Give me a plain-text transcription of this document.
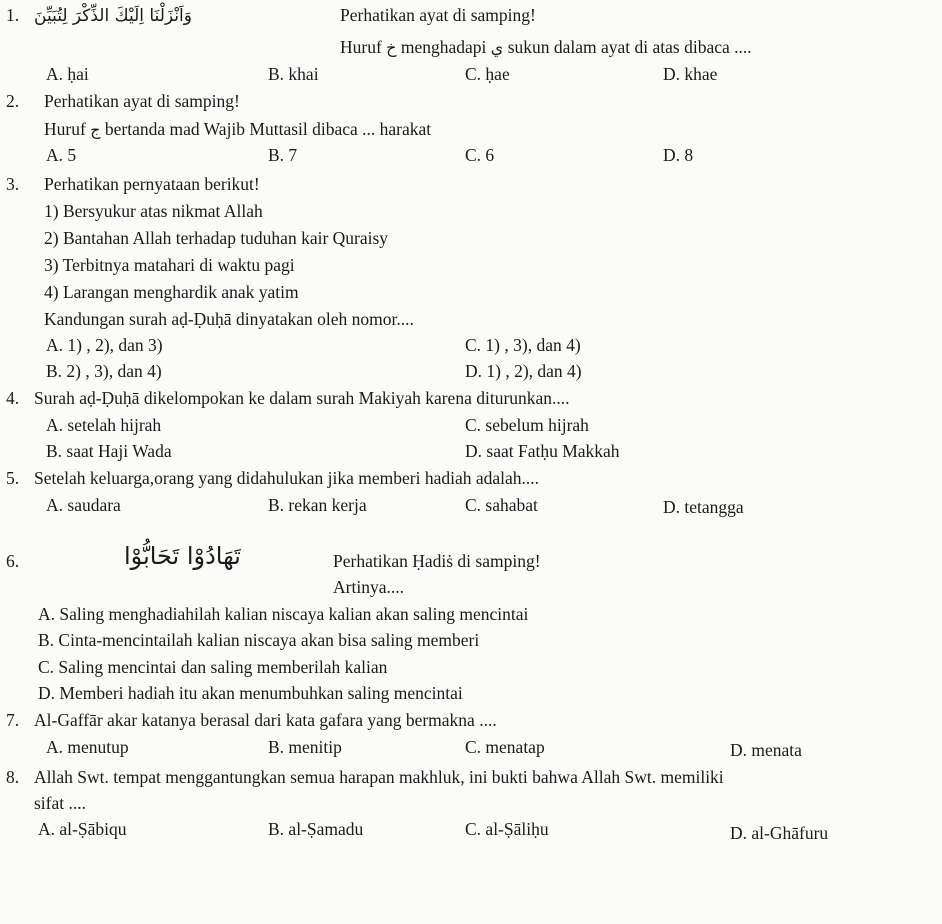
1. وَاَنْزَلْنَا اِلَيْكَ الذِّكْرَ لِتُبَيِّنَ	Perhatikan ayat di samping!
Huruf خ menghadapi ي sukun dalam ayat di atas dibaca ....
A. ḥai	B. khai	C. ḥae	D. khae
2. Perhatikan ayat di samping!
Huruf ج bertanda mad Wajib Muttasil dibaca ... harakat
A. 5	B. 7	C. 6	D. 8
3. Perhatikan pernyataan berikut!
1) Bersyukur atas nikmat Allah
2) Bantahan Allah terhadap tuduhan kair Quraisy
3) Terbitnya matahari di waktu pagi
4) Larangan menghardik anak yatim
Kandungan surah aḍ-Ḍuḥā dinyatakan oleh nomor....
A. 1) , 2), dan 3)	C. 1) , 3), dan 4)
B. 2) , 3), dan 4)	D. 1) , 2), dan 4)
4. Surah aḍ-Ḍuḥā dikelompokan ke dalam surah Makiyah karena diturunkan....
A. setelah hijrah	C. sebelum hijrah
B. saat Haji Wada	D. saat Fatḥu Makkah
5. Setelah keluarga,orang yang didahulukan jika memberi hadiah adalah....
A. saudara	B. rekan kerja	C. sahabat	D. tetangga
6.	تَهَادُوْا تَحَابُّوْا	Perhatikan Ḥadiṡ di samping!
Artinya....
A. Saling menghadiahilah kalian niscaya kalian akan saling mencintai
B. Cinta-mencintailah kalian niscaya akan bisa saling memberi
C. Saling mencintai dan saling memberilah kalian
D. Memberi hadiah itu akan menumbuhkan saling mencintai
7. Al-Gaffār akar katanya berasal dari kata gafara yang bermakna ....
A. menutup	B. menitip	C. menatap	D. menata
8. Allah Swt. tempat menggantungkan semua harapan makhluk, ini bukti bahwa Allah Swt. memiliki
sifat ....
A. al-Ṣābiqu	B. al-Ṣamadu	C. al-Ṣāliḥu	D. al-Ghāfuru
